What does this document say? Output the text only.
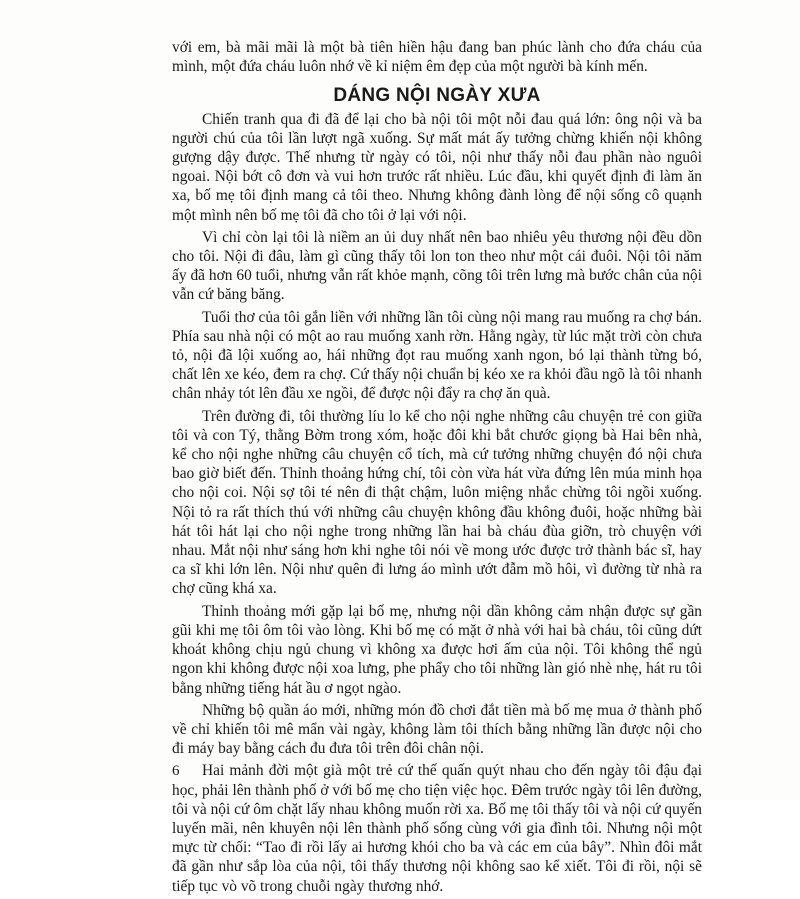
với em, bà mãi mãi là một bà tiên hiền hậu đang ban phúc lành cho đứa cháu của mình, một đứa cháu luôn nhớ về kỉ niệm êm đẹp của một người bà kính mến.

DÁNG NỘI NGÀY XƯA

Chiến tranh qua đi đã để lại cho bà nội tôi một nỗi đau quá lớn: ông nội và ba người chú của tôi lần lượt ngã xuống. Sự mất mát ấy tưởng chừng khiến nội không gượng dậy được. Thế nhưng từ ngày có tôi, nội như thấy nỗi đau phần nào nguôi ngoai. Nội bớt cô đơn và vui hơn trước rất nhiều. Lúc đầu, khi quyết định đi làm ăn xa, bố mẹ tôi định mang cả tôi theo. Nhưng không đành lòng để nội sống cô quạnh một mình nên bố mẹ tôi đã cho tôi ở lại với nội.

Vì chỉ còn lại tôi là niềm an ủi duy nhất nên bao nhiêu yêu thương nội đều dồn cho tôi. Nội đi đâu, làm gì cũng thấy tôi lon ton theo như một cái đuôi. Nội tôi năm ấy đã hơn 60 tuổi, nhưng vẫn rất khỏe mạnh, cõng tôi trên lưng mà bước chân của nội vẫn cứ băng băng.

Tuổi thơ của tôi gắn liền với những lần tôi cùng nội mang rau muống ra chợ bán. Phía sau nhà nội có một ao rau muống xanh rờn. Hằng ngày, từ lúc mặt trời còn chưa tỏ, nội đã lội xuống ao, hái những đọt rau muống xanh ngon, bó lại thành từng bó, chất lên xe kéo, đem ra chợ. Cứ thấy nội chuẩn bị kéo xe ra khỏi đầu ngõ là tôi nhanh chân nhảy tót lên đầu xe ngồi, để được nội đẩy ra chợ ăn quà.

Trên đường đi, tôi thường líu lo kể cho nội nghe những câu chuyện trẻ con giữa tôi và con Tý, thằng Bờm trong xóm, hoặc đôi khi bắt chước giọng bà Hai bên nhà, kể cho nội nghe những câu chuyện cổ tích, mà cứ tưởng những chuyện đó nội chưa bao giờ biết đến. Thỉnh thoảng hứng chí, tôi còn vừa hát vừa đứng lên múa minh họa cho nội coi. Nội sợ tôi té nên đi thật chậm, luôn miệng nhắc chừng tôi ngồi xuống. Nội tỏ ra rất thích thú với những câu chuyện không đầu không đuôi, hoặc những bài hát tôi hát lại cho nội nghe trong những lần hai bà cháu đùa giỡn, trò chuyện với nhau. Mắt nội như sáng hơn khi nghe tôi nói về mong ước được trở thành bác sĩ, hay ca sĩ khi lớn lên. Nội như quên đi lưng áo mình ướt đẫm mồ hôi, vì đường từ nhà ra chợ cũng khá xa.

Thỉnh thoảng mới gặp lại bố mẹ, nhưng nội dần không cảm nhận được sự gần gũi khi mẹ tôi ôm tôi vào lòng. Khi bố mẹ có mặt ở nhà với hai bà cháu, tôi cũng dứt khoát không chịu ngủ chung vì không xa được hơi ấm của nội. Tôi không thể ngủ ngon khi không được nội xoa lưng, phe phẩy cho tôi những làn gió nhè nhẹ, hát ru tôi bằng những tiếng hát ầu ơ ngọt ngào.

Những bộ quần áo mới, những món đồ chơi đắt tiền mà bố mẹ mua ở thành phố về chỉ khiến tôi mê mẩn vài ngày, không làm tôi thích bằng những lần được nội cho đi máy bay bằng cách đu đưa tôi trên đôi chân nội.

Hai mảnh đời một già một trẻ cứ thế quấn quýt nhau cho đến ngày tôi đậu đại học, phải lên thành phố ở với bố mẹ cho tiện việc học. Đêm trước ngày tôi lên đường, tôi và nội cứ ôm chặt lấy nhau không muốn rời xa. Bố mẹ tôi thấy tôi và nội cứ quyến luyến mãi, nên khuyên nội lên thành phố sống cùng với gia đình tôi. Nhưng nội một mực từ chối: “Tao đi rồi lấy ai hương khói cho ba và các em của bây”. Nhìn đôi mắt đã gần như sắp lòa của nội, tôi thấy thương nội không sao kể xiết. Tôi đi rồi, nội sẽ tiếp tục vò võ trong chuỗi ngày thương nhớ.

6
